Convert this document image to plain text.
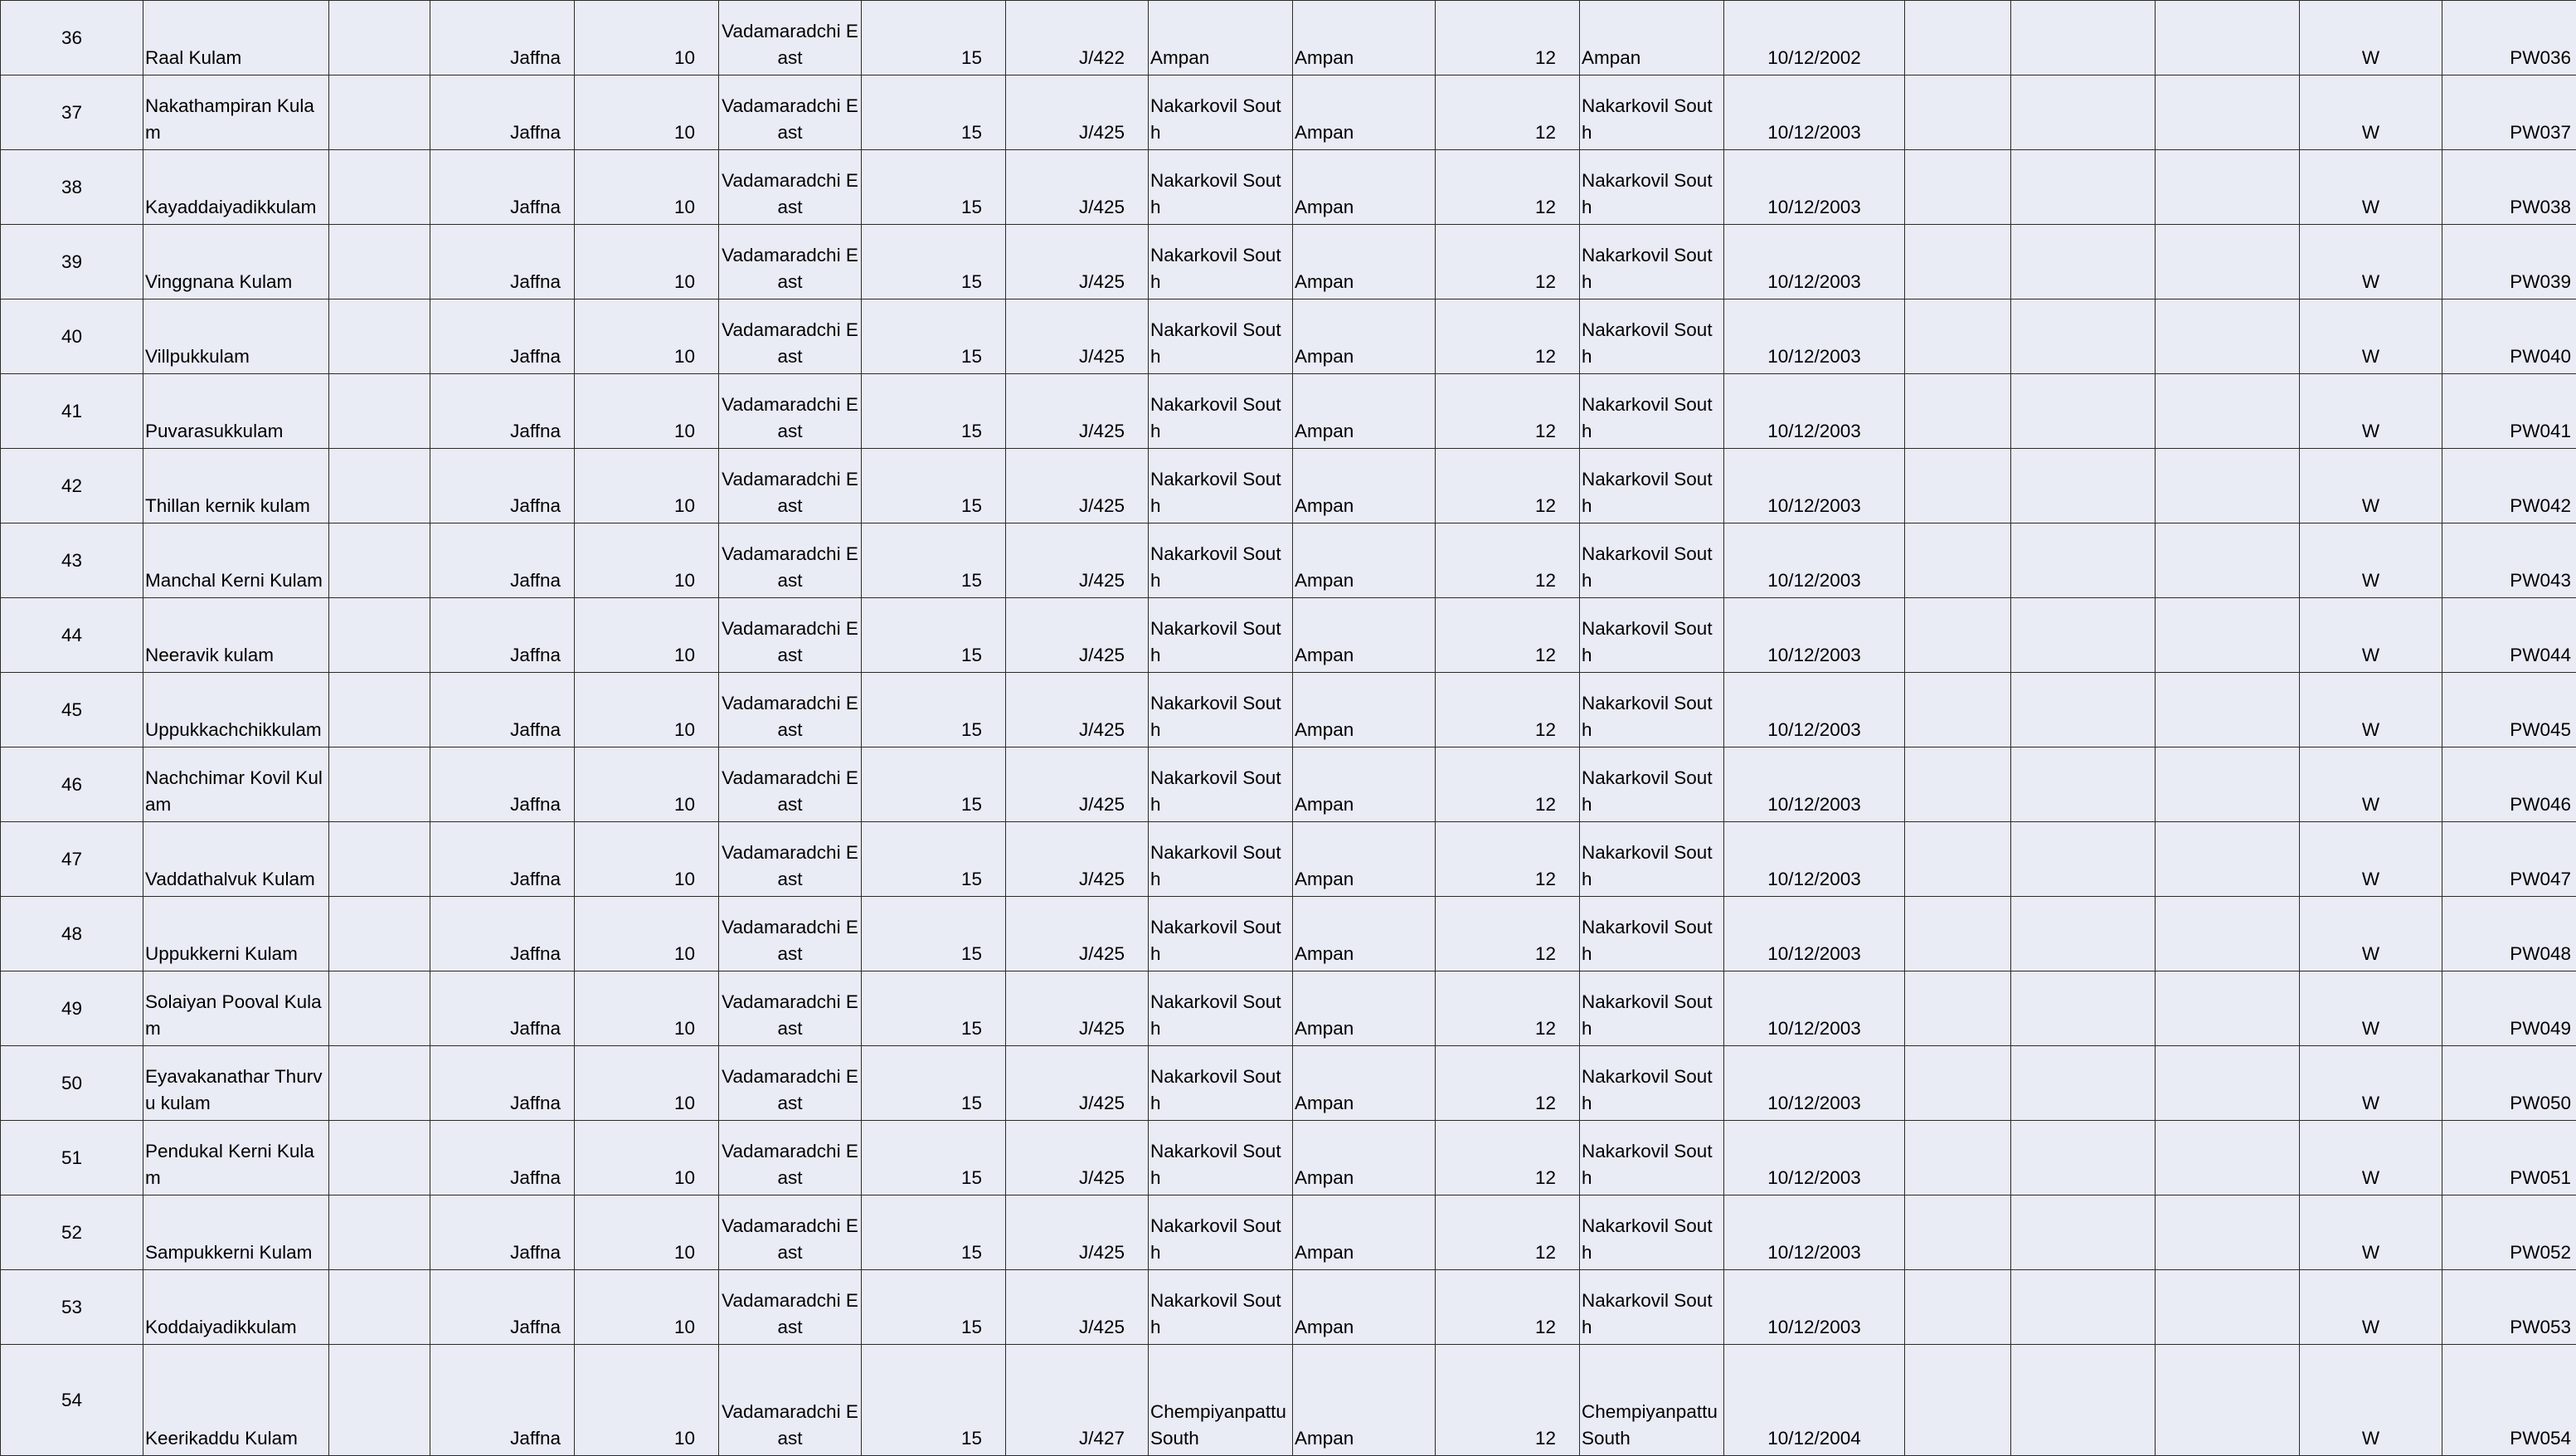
36	Raal Kulam		Jaffna	10	Vadamaradchi East	15	J/422	Ampan	Ampan	12	Ampan	10/12/2002				W	PW036
37	Nakathampiran Kulam		Jaffna	10	Vadamaradchi East	15	J/425	Nakarkovil South	Ampan	12	Nakarkovil South	10/12/2003				W	PW037
38	Kayaddaiyadikkulam		Jaffna	10	Vadamaradchi East	15	J/425	Nakarkovil South	Ampan	12	Nakarkovil South	10/12/2003				W	PW038
39	Vinggnana Kulam		Jaffna	10	Vadamaradchi East	15	J/425	Nakarkovil South	Ampan	12	Nakarkovil South	10/12/2003				W	PW039
40	Villpukkulam		Jaffna	10	Vadamaradchi East	15	J/425	Nakarkovil South	Ampan	12	Nakarkovil South	10/12/2003				W	PW040
41	Puvarasukkulam		Jaffna	10	Vadamaradchi East	15	J/425	Nakarkovil South	Ampan	12	Nakarkovil South	10/12/2003				W	PW041
42	Thillan kernik kulam		Jaffna	10	Vadamaradchi East	15	J/425	Nakarkovil South	Ampan	12	Nakarkovil South	10/12/2003				W	PW042
43	Manchal Kerni Kulam		Jaffna	10	Vadamaradchi East	15	J/425	Nakarkovil South	Ampan	12	Nakarkovil South	10/12/2003				W	PW043
44	Neeravik kulam		Jaffna	10	Vadamaradchi East	15	J/425	Nakarkovil South	Ampan	12	Nakarkovil South	10/12/2003				W	PW044
45	Uppukkachchikkulam		Jaffna	10	Vadamaradchi East	15	J/425	Nakarkovil South	Ampan	12	Nakarkovil South	10/12/2003				W	PW045
46	Nachchimar Kovil Kulam		Jaffna	10	Vadamaradchi East	15	J/425	Nakarkovil South	Ampan	12	Nakarkovil South	10/12/2003				W	PW046
47	Vaddathalvuk Kulam		Jaffna	10	Vadamaradchi East	15	J/425	Nakarkovil South	Ampan	12	Nakarkovil South	10/12/2003				W	PW047
48	Uppukkerni Kulam		Jaffna	10	Vadamaradchi East	15	J/425	Nakarkovil South	Ampan	12	Nakarkovil South	10/12/2003				W	PW048
49	Solaiyan Pooval Kulam		Jaffna	10	Vadamaradchi East	15	J/425	Nakarkovil South	Ampan	12	Nakarkovil South	10/12/2003				W	PW049
50	Eyavakanathar Thurvu kulam		Jaffna	10	Vadamaradchi East	15	J/425	Nakarkovil South	Ampan	12	Nakarkovil South	10/12/2003				W	PW050
51	Pendukal Kerni Kulam		Jaffna	10	Vadamaradchi East	15	J/425	Nakarkovil South	Ampan	12	Nakarkovil South	10/12/2003				W	PW051
52	Sampukkerni Kulam		Jaffna	10	Vadamaradchi East	15	J/425	Nakarkovil South	Ampan	12	Nakarkovil South	10/12/2003				W	PW052
53	Koddaiyadikkulam		Jaffna	10	Vadamaradchi East	15	J/425	Nakarkovil South	Ampan	12	Nakarkovil South	10/12/2003				W	PW053
54	Keerikaddu Kulam		Jaffna	10	Vadamaradchi East	15	J/427	Chempiyanpattu South	Ampan	12	Chempiyanpattu South	10/12/2004				W	PW054
